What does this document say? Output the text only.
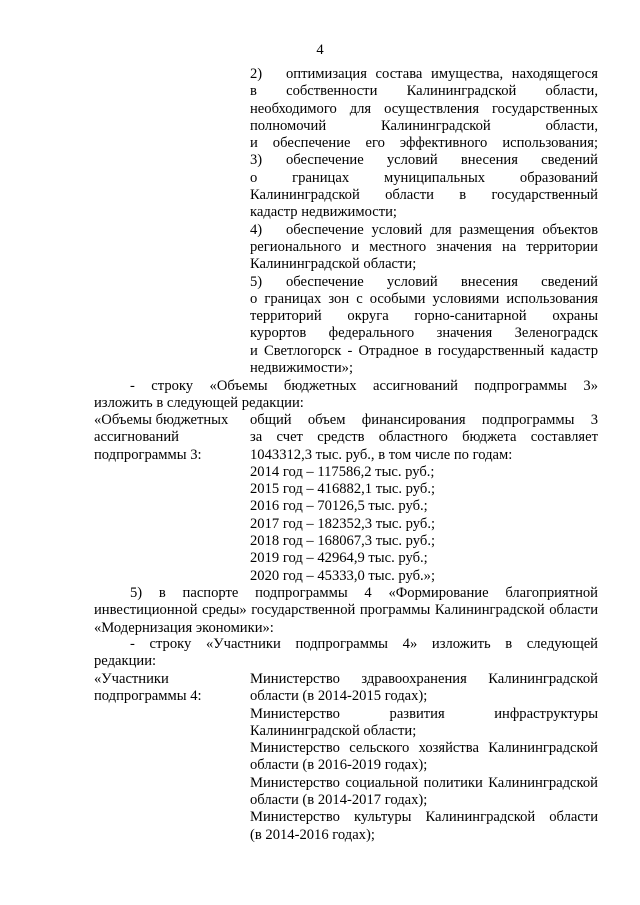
4
2) оптимизация состава имущества, находящегося
в собственности Калининградской области,
необходимого для осуществления государственных
полномочий Калининградской области,
и обеспечение его эффективного использования;
3) обеспечение условий внесения сведений
о границах муниципальных образований
Калининградской области в государственный
кадастр недвижимости;
4) обеспечение условий для размещения объектов
регионального и местного значения на территории
Калининградской области;
5) обеспечение условий внесения сведений
о границах зон с особыми условиями использования
территорий округа горно-санитарной охраны
курортов федерального значения Зеленоградск
и Светлогорск - Отрадное в государственный кадастр
недвижимости»;
- строку «Объемы бюджетных ассигнований подпрограммы 3»
изложить в следующей редакции:
«Объемы бюджетных
ассигнований
подпрограммы 3:
общий объем финансирования подпрограммы 3
за счет средств областного бюджета составляет
1043312,3 тыс. руб., в том числе по годам:
2014 год – 117586,2 тыс. руб.;
2015 год – 416882,1 тыс. руб.;
2016 год – 70126,5 тыс. руб.;
2017 год – 182352,3 тыс. руб.;
2018 год – 168067,3 тыс. руб.;
2019 год – 42964,9 тыс. руб.;
2020 год – 45333,0 тыс. руб.»;
5) в паспорте подпрограммы 4 «Формирование благоприятной
инвестиционной среды» государственной программы Калининградской области
«Модернизация экономики»:
- строку «Участники подпрограммы 4» изложить в следующей
редакции:
«Участники
подпрограммы 4:
Министерство здравоохранения Калининградской
области (в 2014-2015 годах);
Министерство развития инфраструктуры
Калининградской области;
Министерство сельского хозяйства Калининградской
области (в 2016-2019 годах);
Министерство социальной политики Калининградской
области (в 2014-2017 годах);
Министерство культуры Калининградской области
(в 2014-2016 годах);
